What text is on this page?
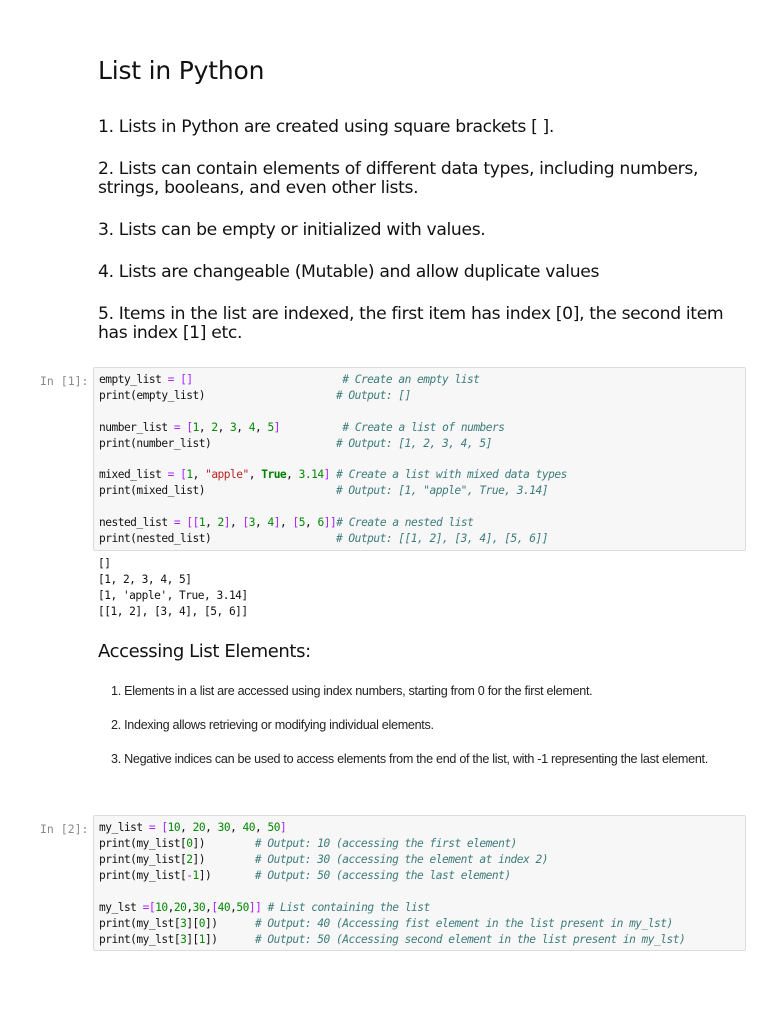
List in Python
1. Lists in Python are created using square brackets [ ].
2. Lists can contain elements of different data types, including numbers, strings, booleans, and even other lists.
3. Lists can be empty or initialized with values.
4. Lists are changeable (Mutable) and allow duplicate values
5. Items in the list are indexed, the first item has index [0], the second item has index [1] etc.
In [1]: empty_list = []	# Create an empty list
print(empty_list)                     # Output: []
number_list = [1, 2, 3, 4, 5]	# Create a list of numbers
print(number_list)                    # Output: [1, 2, 3, 4, 5]
mixed_list = [1, "apple", True, 3.14] # Create a list with mixed data types
print(mixed_list)                     # Output: [1, "apple", True, 3.14]
nested_list = [[1, 2], [3, 4], [5, 6]]# Create a nested list
print(nested_list)                    # Output: [[1, 2], [3, 4], [5, 6]]
[]
[1, 2, 3, 4, 5]
[1, 'apple', True, 3.14]
[[1, 2], [3, 4], [5, 6]]
Accessing List Elements:
1. Elements in a list are accessed using index numbers, starting from 0 for the first element.
2. Indexing allows retrieving or modifying individual elements.
3. Negative indices can be used to access elements from the end of the list, with -1 representing the last element.
In [2]: my_list = [10, 20, 30, 40, 50]
print(my_list[0])        # Output: 10 (accessing the first element)
print(my_list[2])        # Output: 30 (accessing the element at index 2)
print(my_list[-1])       # Output: 50 (accessing the last element)
my_lst =[10,20,30,[40,50]] # List containing the list
print(my_lst[3][0])      # Output: 40 (Accessing fist element in the list present in my_lst)
print(my_lst[3][1])      # Output: 50 (Accessing second element in the list present in my_lst)
